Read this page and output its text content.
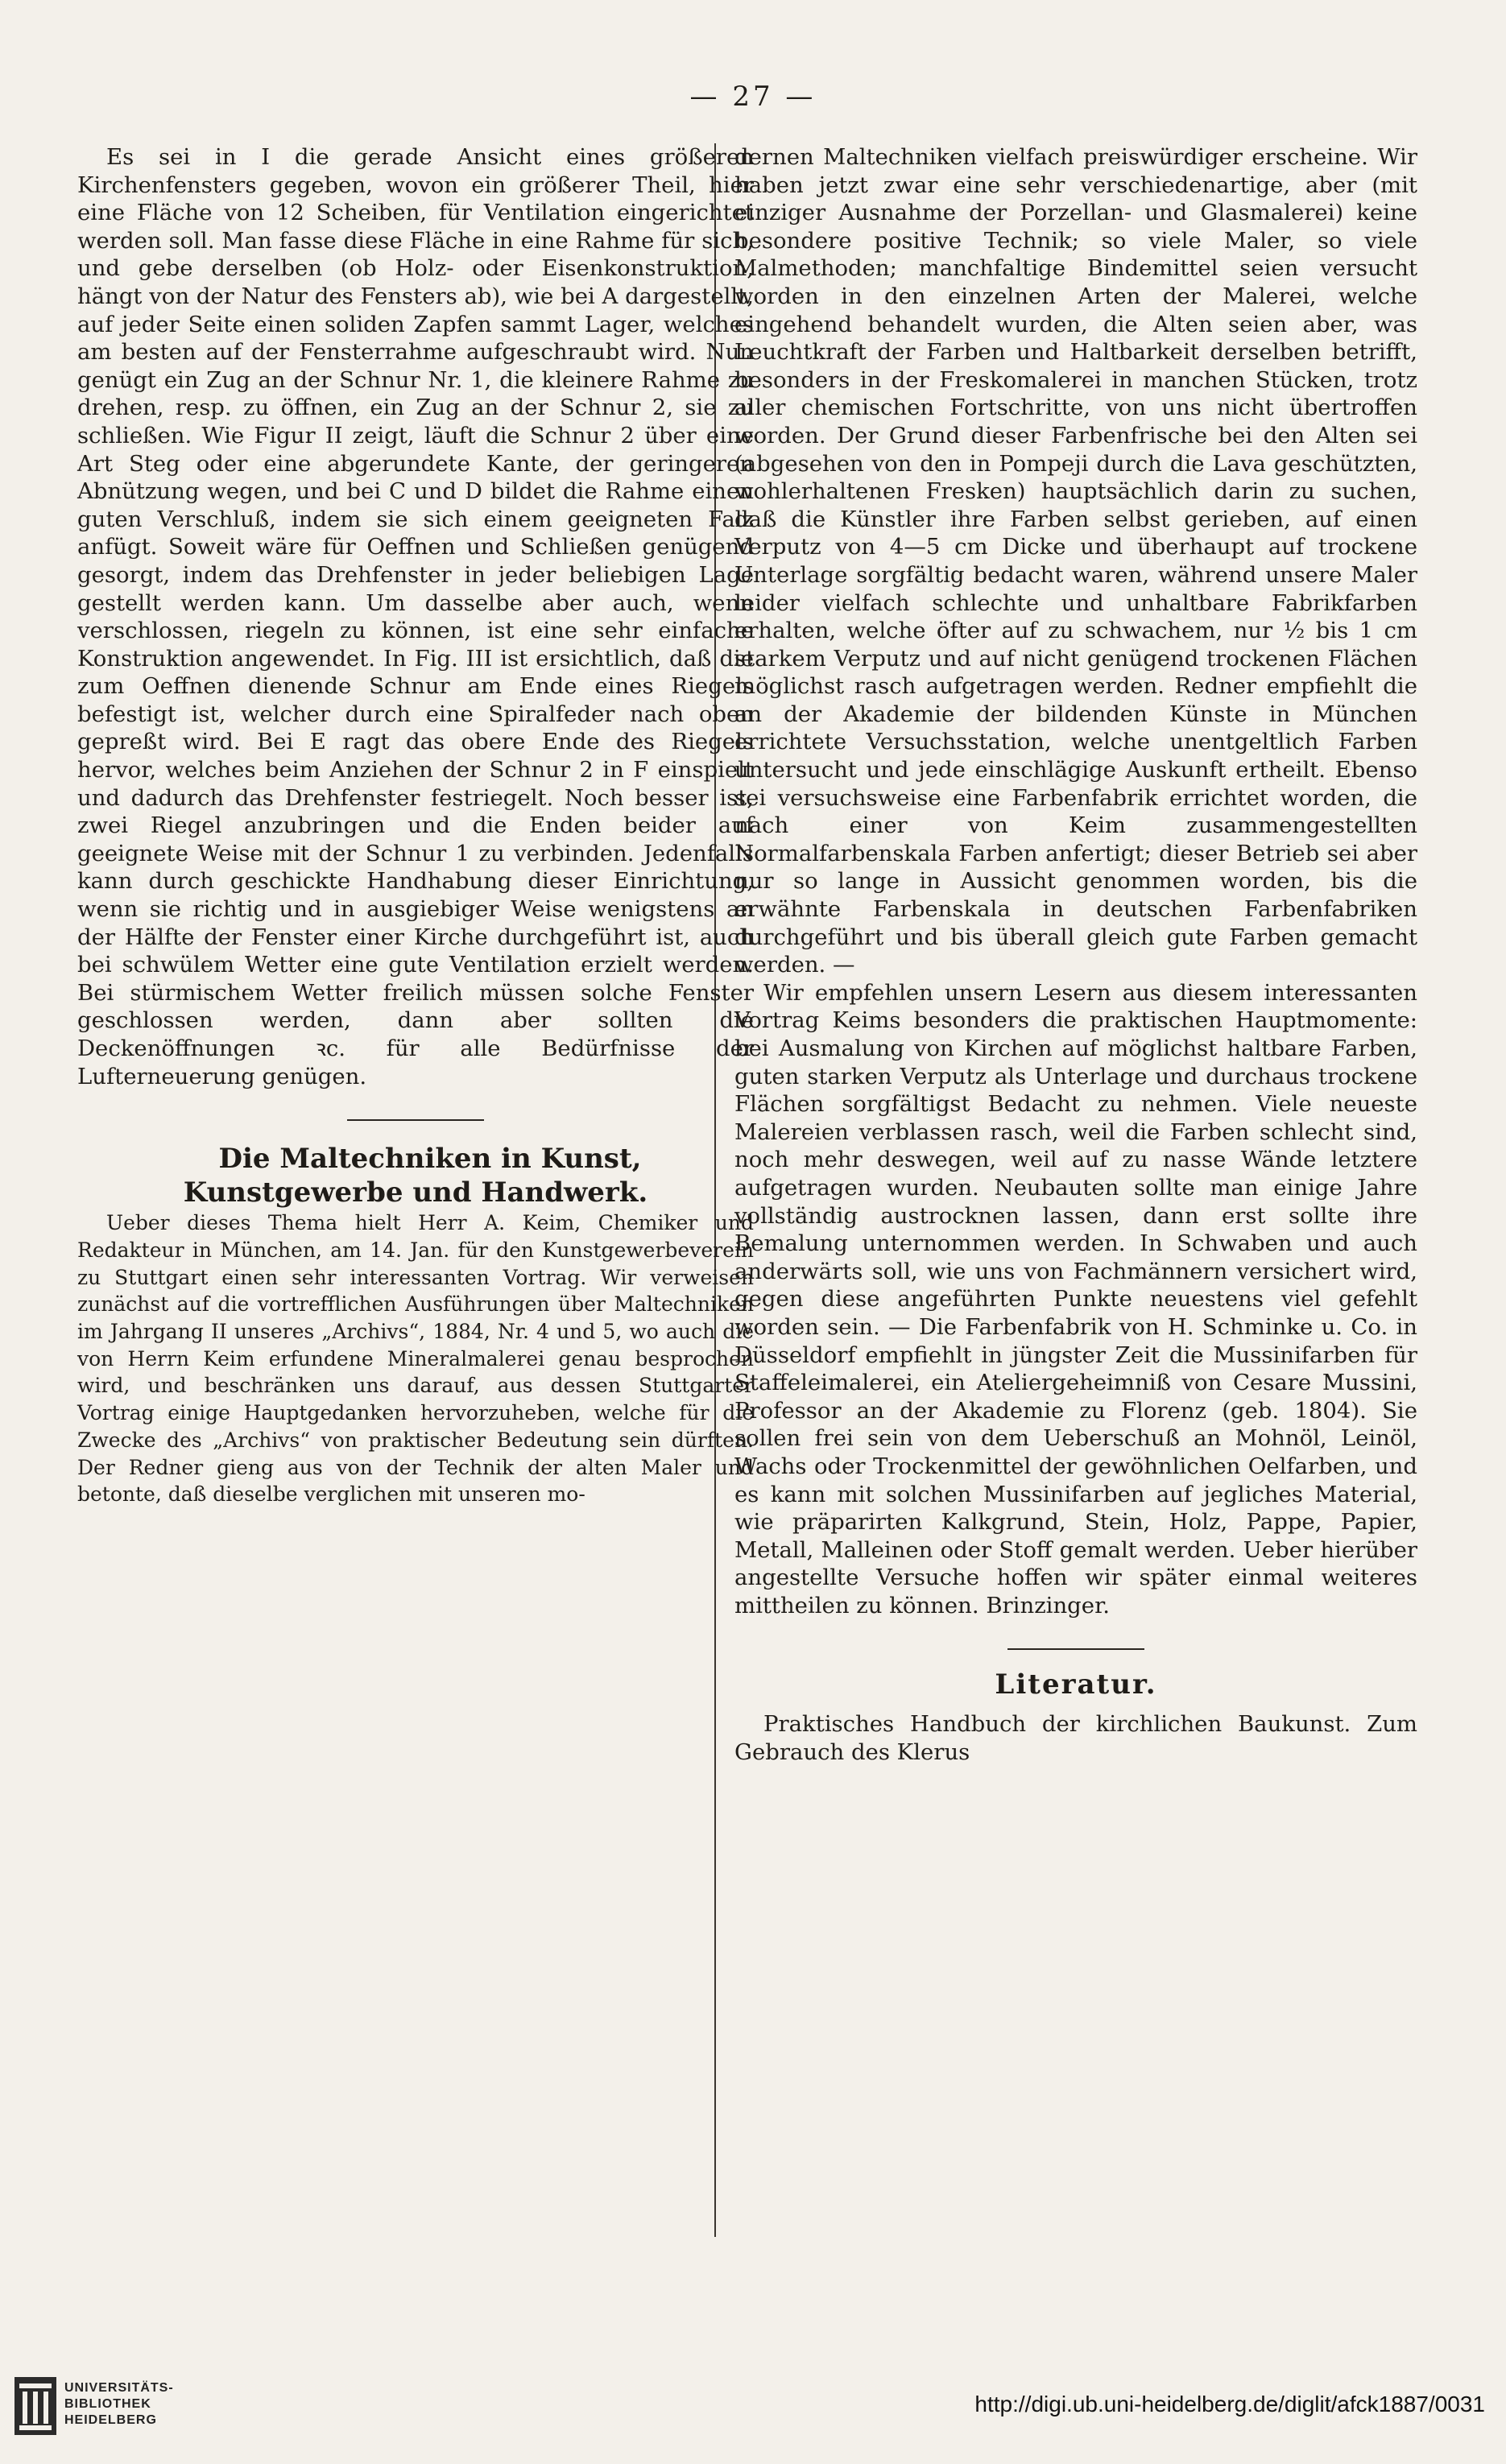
— 27 —

Es sei in I die gerade Ansicht eines größeren Kirchenfensters gegeben, wovon ein größerer Theil, hier eine Fläche von 12 Scheiben, für Ventilation eingerichtet werden soll. Man fasse diese Fläche in eine Rahme für sich, und gebe derselben (ob Holz- oder Eisenkonstruktion, hängt von der Natur des Fensters ab), wie bei A dargestellt, auf jeder Seite einen soliden Zapfen sammt Lager, welches am besten auf der Fensterrahme aufgeschraubt wird. Nun genügt ein Zug an der Schnur Nr. 1, die kleinere Rahme zu drehen, resp. zu öffnen, ein Zug an der Schnur 2, sie zu schließen. Wie Figur II zeigt, läuft die Schnur 2 über eine Art Steg oder eine abgerundete Kante, der geringeren Abnützung wegen, und bei C und D bildet die Rahme einen guten Verschluß, indem sie sich einem geeigneten Falz anfügt. Soweit wäre für Oeffnen und Schließen genügend gesorgt, indem das Drehfenster in jeder beliebigen Lage gestellt werden kann. Um dasselbe aber auch, wenn verschlossen, riegeln zu können, ist eine sehr einfache Konstruktion angewendet. In Fig. III ist ersichtlich, daß die zum Oeffnen dienende Schnur am Ende eines Riegels befestigt ist, welcher durch eine Spiralfeder nach oben gepreßt wird. Bei E ragt das obere Ende des Riegels hervor, welches beim Anziehen der Schnur 2 in F einspielt und dadurch das Drehfenster festriegelt. Noch besser ist, zwei Riegel anzubringen und die Enden beider auf geeignete Weise mit der Schnur 1 zu verbinden. Jedenfalls kann durch geschickte Handhabung dieser Einrichtung, wenn sie richtig und in ausgiebiger Weise wenigstens an der Hälfte der Fenster einer Kirche durchgeführt ist, auch bei schwülem Wetter eine gute Ventilation erzielt werden. Bei stürmischem Wetter freilich müssen solche Fenster geschlossen werden, dann aber sollten die Deckenöffnungen ꝛc. für alle Bedürfnisse der Lufterneuerung genügen.

Die Maltechniken in Kunst, Kunstgewerbe und Handwerk.

Ueber dieses Thema hielt Herr A. Keim, Chemiker und Redakteur in München, am 14. Jan. für den Kunstgewerbeverein zu Stuttgart einen sehr interessanten Vortrag. Wir verweisen zunächst auf die vortrefflichen Ausführungen über Maltechniken im Jahrgang II unseres „Archivs“, 1884, Nr. 4 und 5, wo auch die von Herrn Keim erfundene Mineralmalerei genau besprochen wird, und beschränken uns darauf, aus dessen Stuttgarter Vortrag einige Hauptgedanken hervorzuheben, welche für die Zwecke des „Archivs“ von praktischer Bedeutung sein dürften. Der Redner gieng aus von der Technik der alten Maler und betonte, daß dieselbe verglichen mit unseren mo-

dernen Maltechniken vielfach preiswürdiger erscheine. Wir haben jetzt zwar eine sehr verschiedenartige, aber (mit einziger Ausnahme der Porzellan- und Glasmalerei) keine besondere positive Technik; so viele Maler, so viele Malmethoden; manchfaltige Bindemittel seien versucht worden in den einzelnen Arten der Malerei, welche eingehend behandelt wurden, die Alten seien aber, was Leuchtkraft der Farben und Haltbarkeit derselben betrifft, besonders in der Freskomalerei in manchen Stücken, trotz aller chemischen Fortschritte, von uns nicht übertroffen worden. Der Grund dieser Farbenfrische bei den Alten sei (abgesehen von den in Pompeji durch die Lava geschützten, wohlerhaltenen Fresken) hauptsächlich darin zu suchen, daß die Künstler ihre Farben selbst gerieben, auf einen Verputz von 4—5 cm Dicke und überhaupt auf trockene Unterlage sorgfältig bedacht waren, während unsere Maler leider vielfach schlechte und unhaltbare Fabrikfarben erhalten, welche öfter auf zu schwachem, nur ½ bis 1 cm starkem Verputz und auf nicht genügend trockenen Flächen möglichst rasch aufgetragen werden. Redner empfiehlt die an der Akademie der bildenden Künste in München errichtete Versuchsstation, welche unentgeltlich Farben untersucht und jede einschlägige Auskunft ertheilt. Ebenso sei versuchsweise eine Farbenfabrik errichtet worden, die nach einer von Keim zusammengestellten Normalfarbenskala Farben anfertigt; dieser Betrieb sei aber nur so lange in Aussicht genommen worden, bis die erwähnte Farbenskala in deutschen Farbenfabriken durchgeführt und bis überall gleich gute Farben gemacht werden. —

Wir empfehlen unsern Lesern aus diesem interessanten Vortrag Keims besonders die praktischen Hauptmomente: bei Ausmalung von Kirchen auf möglichst haltbare Farben, guten starken Verputz als Unterlage und durchaus trockene Flächen sorgfältigst Bedacht zu nehmen. Viele neueste Malereien verblassen rasch, weil die Farben schlecht sind, noch mehr deswegen, weil auf zu nasse Wände letztere aufgetragen wurden. Neubauten sollte man einige Jahre vollständig austrocknen lassen, dann erst sollte ihre Bemalung unternommen werden. In Schwaben und auch anderwärts soll, wie uns von Fachmännern versichert wird, gegen diese angeführten Punkte neuestens viel gefehlt worden sein. — Die Farbenfabrik von H. Schminke u. Co. in Düsseldorf empfiehlt in jüngster Zeit die Mussinifarben für Staffeleimalerei, ein Ateliergeheimniß von Cesare Mussini, Professor an der Akademie zu Florenz (geb. 1804). Sie sollen frei sein von dem Ueberschuß an Mohnöl, Leinöl, Wachs oder Trockenmittel der gewöhnlichen Oelfarben, und es kann mit solchen Mussinifarben auf jegliches Material, wie präparirten Kalkgrund, Stein, Holz, Pappe, Papier, Metall, Malleinen oder Stoff gemalt werden. Ueber hierüber angestellte Versuche hoffen wir später einmal weiteres mittheilen zu können. Brinzinger.

Literatur.

Praktisches Handbuch der kirchlichen Baukunst. Zum Gebrauch des Klerus

UNIVERSITÄTS-
BIBLIOTHEK
HEIDELBERG
http://digi.ub.uni-heidelberg.de/diglit/afck1887/0031
